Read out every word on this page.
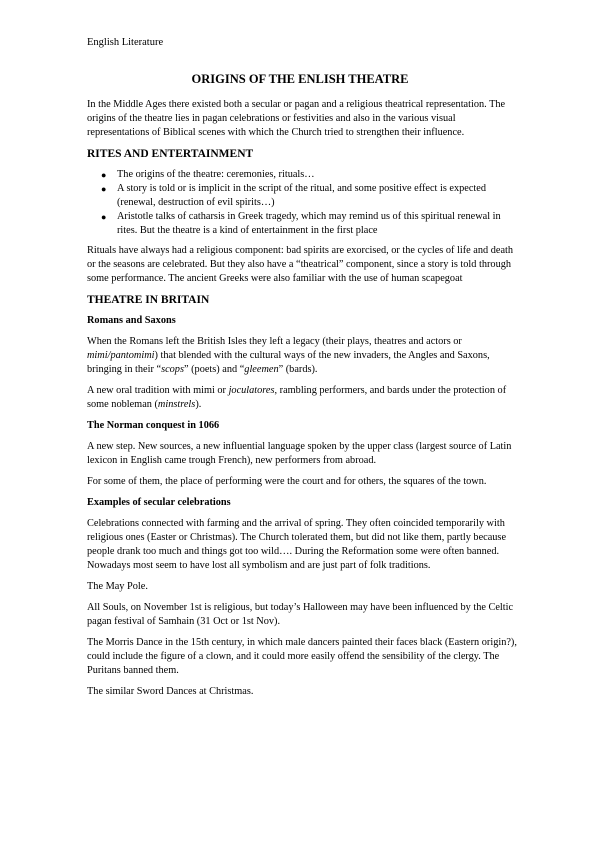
English Literature
ORIGINS OF THE ENLISH THEATRE

In the Middle Ages there existed both a secular or pagan and a religious theatrical representation. The origins of the theatre lies in pagan celebrations or festivities and also in the various visual representations of Biblical scenes with which the Church tried to strengthen their influence.

RITES AND ENTERTAINMENT
● The origins of the theatre: ceremonies, rituals…
● A story is told or is implicit in the script of the ritual, and some positive effect is expected (renewal, destruction of evil spirits…)
● Aristotle talks of catharsis in Greek tragedy, which may remind us of this spiritual renewal in rites. But the theatre is a kind of entertainment in the first place

Rituals have always had a religious component: bad spirits are exorcised, or the cycles of life and death or the seasons are celebrated. But they also have a “theatrical” component, since a story is told through some performance. The ancient Greeks were also familiar with the use of human scapegoat

THEATRE IN BRITAIN
Romans and Saxons

When the Romans left the British Isles they left a legacy (their plays, theatres and actors or mimi/pantomimi) that blended with the cultural ways of the new invaders, the Angles and Saxons, bringing in their “scops” (poets) and “gleemen” (bards).

A new oral tradition with mimi or joculatores, rambling performers, and bards under the protection of some nobleman (minstrels).

The Norman conquest in 1066

A new step. New sources, a new influential language spoken by the upper class (largest source of Latin lexicon in English came trough French), new performers from abroad.

For some of them, the place of performing were the court and for others, the squares of the town.

Examples of secular celebrations

Celebrations connected with farming and the arrival of spring. They often coincided temporarily with religious ones (Easter or Christmas). The Church tolerated them, but did not like them, partly because people drank too much and things got too wild…. During the Reformation some were often banned. Nowadays most seem to have lost all symbolism and are just part of folk traditions.

The May Pole.

All Souls, on November 1st is religious, but today’s Halloween may have been influenced by the Celtic pagan festival of Samhain (31 Oct or 1st Nov).

The Morris Dance in the 15th century, in which male dancers painted their faces black (Eastern origin?), could include the figure of a clown, and it could more easily offend the sensibility of the clergy. The Puritans banned them.

The similar Sword Dances at Christmas.
